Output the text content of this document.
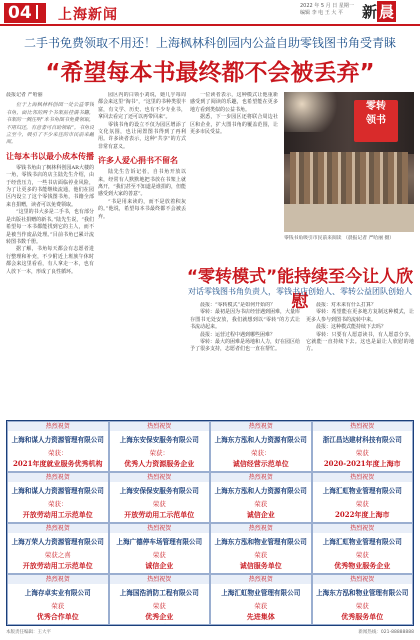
04	上海新闻
2022 年 5 月 日 星期一
编辑 李 电 王 大 平	新 晨
二手书免费领取不用还！上海枫林科创园内公益自助零钱图书角受青睐
“希望每本书最终都不会被丢弃”
晨报记者 严哈丽

位于上海枫林科创园一处公益零钱书角，面比邻的两个书架前挂满书籍，书架的一侧注明“本书角图书免费领取，不用归还，有意者可自助领取”。书角设立至今，吸引了不少来往的市民前来翻阅。

让每本书以最小成本传播

零钱书角由了枫林科创园AR大楼的一角，零钱书店的店主陆先生介绍，由于经营压力，一些书店面临停业风险，为了让更多的书能继续流通，他们在园区内设立了这个零钱图书角，书籍全部来自捐赠，读者可以免费领取。

“这里的书大多是二手书，也有部分是出版社捐赠的新书。”陆先生说，“我们希望每一本书都能找到它的主人，而不是被当作废品处理。”目前书角已累计流转图书数千册。

据了解，书角每天都会有志愿者进行整理和补充，不少附近上班族午休时都会来这里看看，有人拿走一本，也有人放下一本，形成了良性循环。

园区内的白领小刘说，她几乎每周都会来这里“淘书”，“这里的书种类很丰富，有文学、历史、也有不少专业书，拿回去看完了还可以再带回来”。

零钱书角的设立不仅为园区增添了文化氛围，也让闲置图书得到了再利用。许多读者表示，这种“共享”的方式非常有意义。

许多人爱心捐书不留名

陆先生告诉记者，自书角开放以来，经常有人默默地把书放在书架上就离开，“我们甚至不知道是谁捐的，但能感受到大家的善意”。

“书是用来读的，而不是放着积灰的。”他说，希望每本书最终都不会被丢弃。

一位读者表示，这种模式让他重新感受到了阅读的乐趣，也希望能在更多地方看到类似的公益书角。

据悉，下一步园区还将联合周边社区和企业，扩大图书角的覆盖范围，让更多市民受益。

零转
领书
零钱书角吸引市民前来阅读 （晨报记者 严哈丽 摄）
“零转模式”能持续至今让人欣慰
对话零钱图书角负责人，零钱书店创始人、零转公益团队创始人

晨报：“零转模式”是如何开始的？

零转：最初是因为书店经营遇到困难，大量库存图书无处安放，我们就想到以“零转”的方式让书流动起来。

晨报：运营过程中遇到哪些困难？

零转：最大的困难是场地和人力，好在园区给予了很多支持，志愿者们也一直在帮忙。

晨报：对未来有什么打算？

零转：希望能在更多地方复制这种模式，让更多人参与到图书的流转中来。

晨报：这种模式能持续下去吗？

零转：只要有人愿意读书，有人愿意分享，它就能一直持续下去。这也是最让人欣慰的地方。

热烈祝贺
上海和谋人力资源管理有限公司
荣获：
2021年度就业服务优秀机构
热烈祝贺
上海东安保安服务有限公司
荣获：
优秀人力资源服务企业
热烈祝贺
上海东方泓和人力资源有限公司
荣获：
诚信经营示范单位
热烈祝贺
浙江昌达建材科技有限公司
荣获
2020-2021年度上海市
热烈祝贺
上海和谋人力资源管理有限公司
荣获：
开放劳动用工示范单位
热烈祝贺
上海安保保安服务有限公司
荣获
开放劳动用工示范单位
热烈祝贺
上海东方泓和人力资源有限公司
荣获
诚信企业
热烈祝贺
上海汇虹物业管理有限公司
荣获
2022年度上海市
热烈祝贺
上海万荣人力资源管理有限公司
荣获之喜
开放劳动用工示范单位
热烈祝贺
上海广德停车场管理有限公司
荣获
诚信企业
热烈祝贺
上海东方泓和物业管理有限公司
荣获
诚信服务单位
热烈祝贺
上海汇虹物业管理有限公司
荣获
优秀物业服务企业
热烈祝贺
上海存卓实业有限公司
荣获
优秀合作单位
热烈祝贺
上海国浩消防工程有限公司
荣获
优秀企业
热烈祝贺
上海汇虹物业管理有限公司
荣获
先进集体
热烈祝贺
上海东方泓和物业管理有限公司
荣获
优秀服务单位
本版责任编辑：王大平	新闻热线：021-88888888
